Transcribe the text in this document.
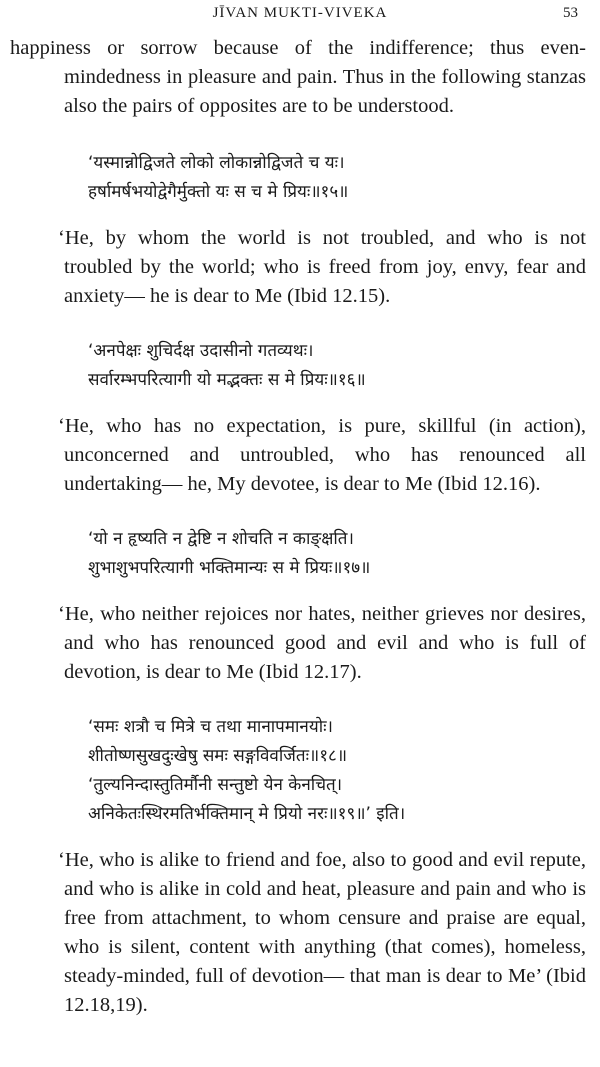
JĪVAN MUKTI-VIVEKA	53

happiness or sorrow because of the indifference; thus even-mindedness in pleasure and pain. Thus in the following stanzas also the pairs of opposites are to be understood.

‘यस्मान्नोद्विजते लोको लोकान्नोद्विजते च यः।
हर्षामर्षभयोद्वेगैर्मुक्तो यः स च मे प्रियः॥१५॥

‘He, by whom the world is not troubled, and who is not troubled by the world; who is freed from joy, envy, fear and anxiety— he is dear to Me (Ibid 12.15).

‘अनपेक्षः शुचिर्दक्ष उदासीनो गतव्यथः।
सर्वारम्भपरित्यागी यो मद्भक्तः स मे प्रियः॥१६॥

‘He, who has no expectation, is pure, skillful (in action), unconcerned and untroubled, who has renounced all undertaking— he, My devotee, is dear to Me (Ibid 12.16).

‘यो न हृष्यति न द्वेष्टि न शोचति न काङ्क्षति।
शुभाशुभपरित्यागी भक्तिमान्यः स मे प्रियः॥१७॥

‘He, who neither rejoices nor hates, neither grieves nor desires, and who has renounced good and evil and who is full of devotion, is dear to Me (Ibid 12.17).

‘समः शत्रौ च मित्रे च तथा मानापमानयोः।
शीतोष्णसुखदुःखेषु समः सङ्गविवर्जितः॥१८॥
‘तुल्यनिन्दास्तुतिर्मौनी सन्तुष्टो येन केनचित्।
अनिकेतःस्थिरमतिर्भक्तिमान् मे प्रियो नरः॥१९॥’ इति।

‘He, who is alike to friend and foe, also to good and evil repute, and who is alike in cold and heat, pleasure and pain and who is free from attachment, to whom censure and praise are equal, who is silent, content with anything (that comes), homeless, steady-minded, full of devotion— that man is dear to Me’ (Ibid 12.18,19).
